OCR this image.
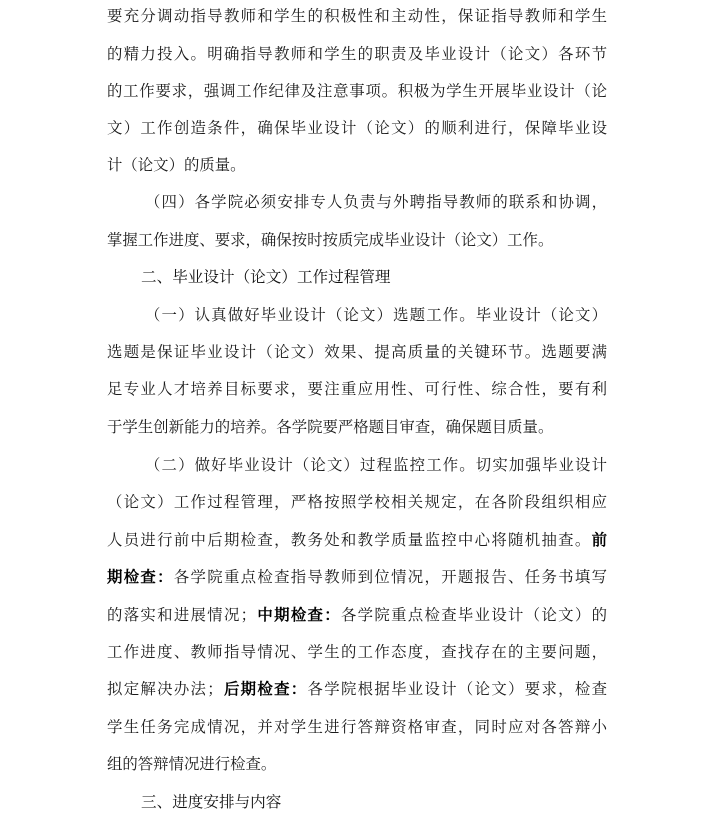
要充分调动指导教师和学生的积极性和主动性，保证指导教师和学生
的精力投入。明确指导教师和学生的职责及毕业设计（论文）各环节
的工作要求，强调工作纪律及注意事项。积极为学生开展毕业设计（论
文）工作创造条件，确保毕业设计（论文）的顺利进行，保障毕业设
计（论文）的质量。
（四）各学院必须安排专人负责与外聘指导教师的联系和协调，
掌握工作进度、要求，确保按时按质完成毕业设计（论文）工作。
二、毕业设计（论文）工作过程管理
（一）认真做好毕业设计（论文）选题工作。毕业设计（论文）
选题是保证毕业设计（论文）效果、提高质量的关键环节。选题要满
足专业人才培养目标要求，要注重应用性、可行性、综合性，要有利
于学生创新能力的培养。各学院要严格题目审查，确保题目质量。
（二）做好毕业设计（论文）过程监控工作。切实加强毕业设计
（论文）工作过程管理，严格按照学校相关规定，在各阶段组织相应
人员进行前中后期检查，教务处和教学质量监控中心将随机抽查。前
期检查：各学院重点检查指导教师到位情况，开题报告、任务书填写
的落实和进展情况；中期检查：各学院重点检查毕业设计（论文）的
工作进度、教师指导情况、学生的工作态度，查找存在的主要问题，
拟定解决办法；后期检查：各学院根据毕业设计（论文）要求，检查
学生任务完成情况，并对学生进行答辩资格审查，同时应对各答辩小
组的答辩情况进行检查。
三、进度安排与内容
